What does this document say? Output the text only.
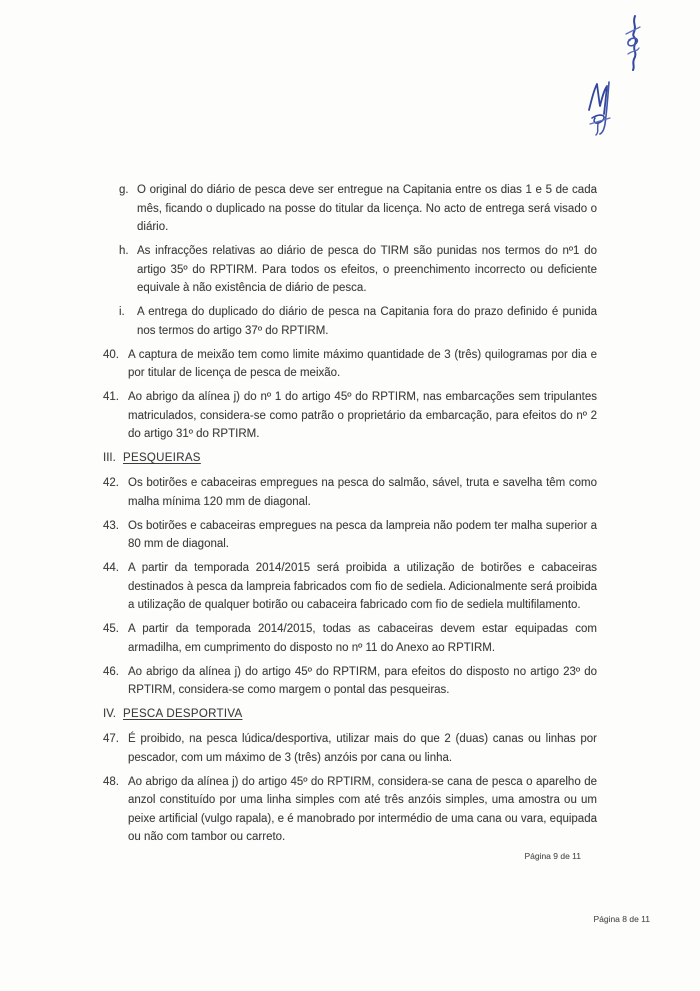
g. O original do diário de pesca deve ser entregue na Capitania entre os dias 1 e 5 de cada mês, ficando o duplicado na posse do titular da licença. No acto de entrega será visado o diário.
h. As infracções relativas ao diário de pesca do TIRM são punidas nos termos do nº1 do artigo 35º do RPTIRM. Para todos os efeitos, o preenchimento incorrecto ou deficiente equivale à não existência de diário de pesca.
i.	A entrega do duplicado do diário de pesca na Capitania fora do prazo definido é punida nos termos do artigo 37º do RPTIRM.
40. A captura de meixão tem como limite máximo quantidade de 3 (três) quilogramas por dia e por titular de licença de pesca de meixão.
41. Ao abrigo da alínea j) do nº 1 do artigo 45º do RPTIRM, nas embarcações sem tripulantes matriculados, considera-se como patrão o proprietário da embarcação, para efeitos do nº 2 do artigo 31º do RPTIRM.
III. PESQUEIRAS
42. Os botirões e cabaceiras empregues na pesca do salmão, sável, truta e savelha têm como malha mínima 120 mm de diagonal.
43. Os botirões e cabaceiras empregues na pesca da lampreia não podem ter malha superior a 80 mm de diagonal.
44. A partir da temporada 2014/2015 será proibida a utilização de botirões e cabaceiras destinados à pesca da lampreia fabricados com fio de sediela. Adicionalmente será proibida a utilização de qualquer botirão ou cabaceira fabricado com fio de sediela multifilamento.
45. A partir da temporada 2014/2015, todas as cabaceiras devem estar equipadas com armadilha, em cumprimento do disposto no nº 11 do Anexo ao RPTIRM.
46. Ao abrigo da alínea j) do artigo 45º do RPTIRM, para efeitos do disposto no artigo 23º do RPTIRM, considera-se como margem o pontal das pesqueiras.
IV. PESCA DESPORTIVA
47. É proibido, na pesca lúdica/desportiva, utilizar mais do que 2 (duas) canas ou linhas por pescador, com um máximo de 3 (três) anzóis por cana ou linha.
48. Ao abrigo da alínea j) do artigo 45º do RPTIRM, considera-se cana de pesca o aparelho de anzol constituído por uma linha simples com até três anzóis simples, uma amostra ou um peixe artificial (vulgo rapala), e é manobrado por intermédio de uma cana ou vara, equipada ou não com tambor ou carreto.
Página 9 de 11
Página 8 de 11
